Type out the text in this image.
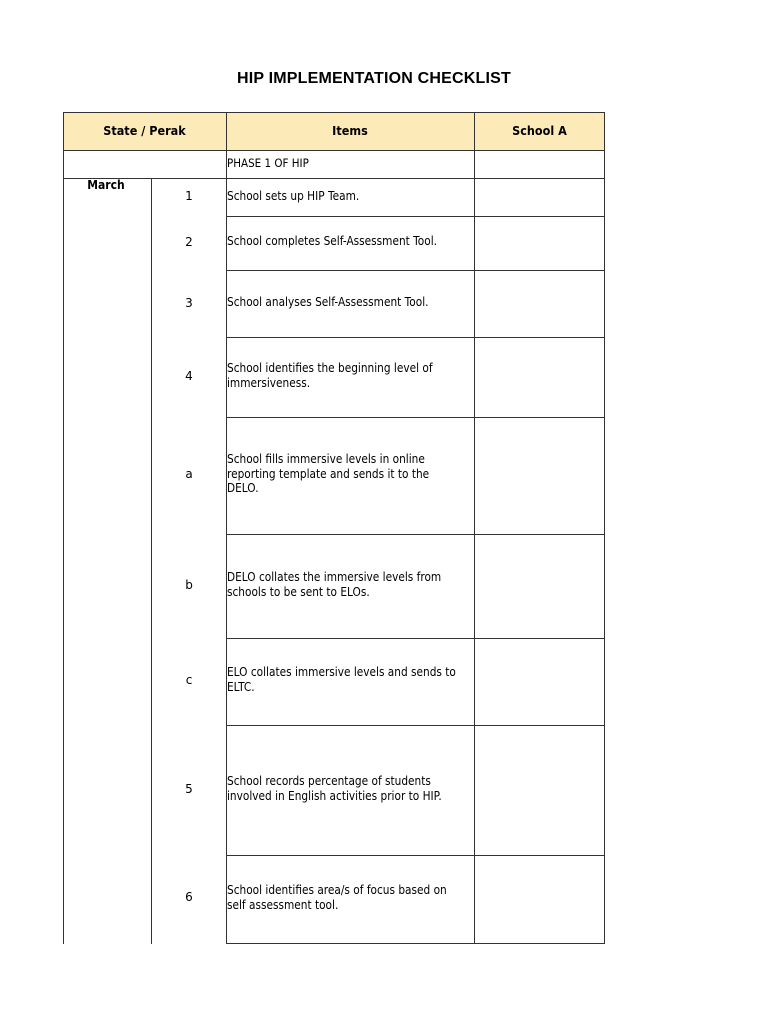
HIP IMPLEMENTATION CHECKLIST
State / Perak	Items	School A
PHASE 1 OF HIP
March
1
2
3
4
a
b
c
5
6
School sets up HIP Team.
School completes Self-Assessment Tool.
School analyses Self-Assessment Tool.
School identifies the beginning level of
immersiveness.
School fills immersive levels in online
reporting template and sends it to the
DELO.
DELO collates the immersive levels from
schools to be sent to ELOs.
ELO collates immersive levels and sends to
ELTC.
School records percentage of students
involved in English activities prior to HIP.
School identifies area/s of focus based on
self assessment tool.
